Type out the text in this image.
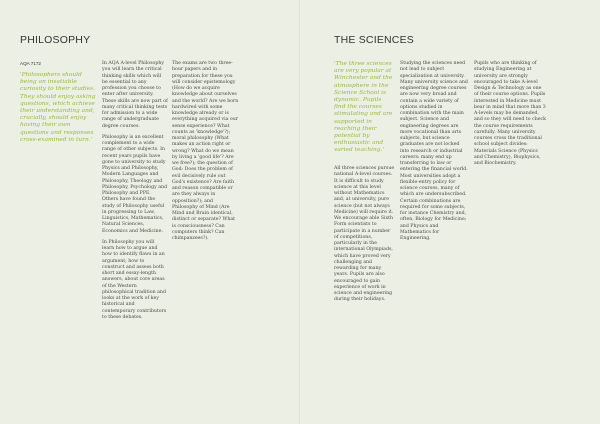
PHILOSOPHY
AQA 7172
'Philosophers should being an insatiable curiosity to their studies. They should enjoy asking questions, which achieve their understanding and, crucially, should enjoy having their own questions and responses cross-examined in turn.'

In AQA A-level Philosophy you will learn the critical thinking skills which will be essential to any profession you choose to enter after university. These skills are now part of many critical thinking tests for admission to a wide range of undergraduate degree courses.

Philosophy is an excellent complement to a wide range of other subjects. In recent years pupils have gone to university to study Physics and Philosophy, Modern Languages and Philosophy, Theology and Philosophy, Psychology and Philosophy and PPE. Others have found the study of Philosophy useful in progressing to Law, Linguistics, Mathematics, Natural Sciences, Economics and Medicine.

In Philosophy you will learn how to argue and how to identify flaws in an argument; how to construct and assess both short and essay-length answers, about core areas of the Western philosophical tradition and looks at the work of key historical and contemporary contributors to these debates.

The exams are two three-hour papers and in preparation for these you will consider epistemology (How do we acquire knowledge about ourselves and the world? Are we born hardwired with some knowledge already or is everything acquired via our sense experience? What counts as 'knowledge'?); moral philosophy (What makes an action right or wrong? What do we mean by living a 'good life'? Are we free?); the question of God: Does the problem of evil decisively rule out God's existence? Are faith and reason compatible or are they always in opposition?); and Philosophy of Mind (Are Mind and Brain identical, distinct or separate? What is consciousness? Can computers think? Can chimpanzees?).

THE SCIENCES
'The three sciences are very popular at Winchester and the atmosphere in the Science School is dynamic. Pupils find the courses stimulating and are supported in reaching their potential by enthusiastic and varied teaching.'

All three sciences pursue national A-level courses. It is difficult to study science at this level without Mathematics and, at university, pure science (but not always Medicine) will require it. We encourage able Sixth Form scientists to participate in a number of competitions, particularly in the international Olympiads, which have proved very challenging and rewarding for many years. Pupils are also encouraged to gain experience of work in science and engineering during their holidays.

Studying the sciences need not lead to subject specialization at university. Many university science and engineering degree courses are now very broad and contain a wide variety of options studied in combination with the main subject. Science and engineering degrees are more vocational than arts subjects, but science graduates are not locked into research or industrial careers: many end up transferring to law or entering the financial world. Most universities adopt a flexible-entry policy for science courses, many of which are undersubscribed. Certain combinations are required for some subjects, for instance Chemistry and, often, Biology for Medicine; and Physics and Mathematics for Engineering.

Pupils who are thinking of studying Engineering at university are strongly encouraged to take A-level Design & Technology as one of their course options. Pupils interested in Medicine must bear in mind that more than 3 A-levels may be demanded, and so they will need to check the course requirements carefully. Many university courses cross the traditional school subject divides: Materials Science (Physics and Chemistry), Biophysics, and Biochemistry.
